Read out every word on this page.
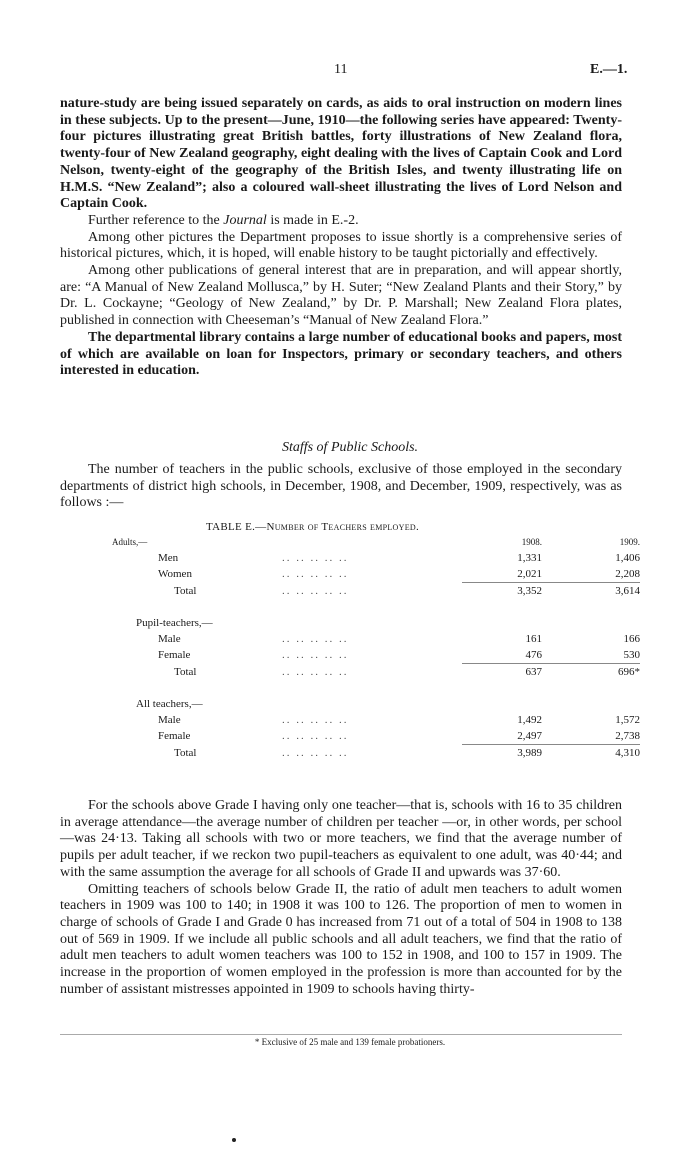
11	E.—1.

nature-study are being issued separately on cards, as aids to oral instruction on modern lines in these subjects. Up to the present—June, 1910—the following series have appeared: Twenty-four pictures illustrating great British battles, forty illustrations of New Zealand flora, twenty-four of New Zealand geography, eight dealing with the lives of Captain Cook and Lord Nelson, twenty-eight of the geography of the British Isles, and twenty illustrating life on H.M.S. “New Zealand”; also a coloured wall-sheet illustrating the lives of Lord Nelson and Captain Cook.

Further reference to the Journal is made in E.-2.

Among other pictures the Department proposes to issue shortly is a comprehensive series of historical pictures, which, it is hoped, will enable history to be taught pictorially and effectively.

Among other publications of general interest that are in preparation, and will appear shortly, are: “A Manual of New Zealand Mollusca,” by H. Suter; “New Zealand Plants and their Story,” by Dr. L. Cockayne; “Geology of New Zealand,” by Dr. P. Marshall; New Zealand Flora plates, published in connection with Cheeseman’s “Manual of New Zealand Flora.”

The departmental library contains a large number of educational books and papers, most of which are available on loan for Inspectors, primary or secondary teachers, and others interested in education.

Staffs of Public Schools.

The number of teachers in the public schools, exclusive of those employed in the secondary departments of district high schools, in December, 1908, and December, 1909, respectively, was as follows :—

TABLE E.—Number of Teachers employed.
Adults,—		1908.	1909.
Men	.. .. .. .. ..	1,331	1,406
Women	.. .. .. .. ..	2,021	2,208
Total	.. .. .. .. ..	3,352	3,614

Pupil-teachers,—			
Male	.. .. .. .. ..	161	166
Female	.. .. .. .. ..	476	530
Total	.. .. .. .. ..	637	696*

All teachers,—			
Male	.. .. .. .. ..	1,492	1,572
Female	.. .. .. .. ..	2,497	2,738
Total	.. .. .. .. ..	3,989	4,310

For the schools above Grade I having only one teacher—that is, schools with 16 to 35 children in average attendance—the average number of children per teacher —or, in other words, per school—was 24·13. Taking all schools with two or more teachers, we find that the average number of pupils per adult teacher, if we reckon two pupil-teachers as equivalent to one adult, was 40·44; and with the same assumption the average for all schools of Grade II and upwards was 37·60.

Omitting teachers of schools below Grade II, the ratio of adult men teachers to adult women teachers in 1909 was 100 to 140; in 1908 it was 100 to 126. The proportion of men to women in charge of schools of Grade I and Grade 0 has increased from 71 out of a total of 504 in 1908 to 138 out of 569 in 1909. If we include all public schools and all adult teachers, we find that the ratio of adult men teachers to adult women teachers was 100 to 152 in 1908, and 100 to 157 in 1909. The increase in the proportion of women employed in the profession is more than accounted for by the number of assistant mistresses appointed in 1909 to schools having thirty-

* Exclusive of 25 male and 139 female probationers.
